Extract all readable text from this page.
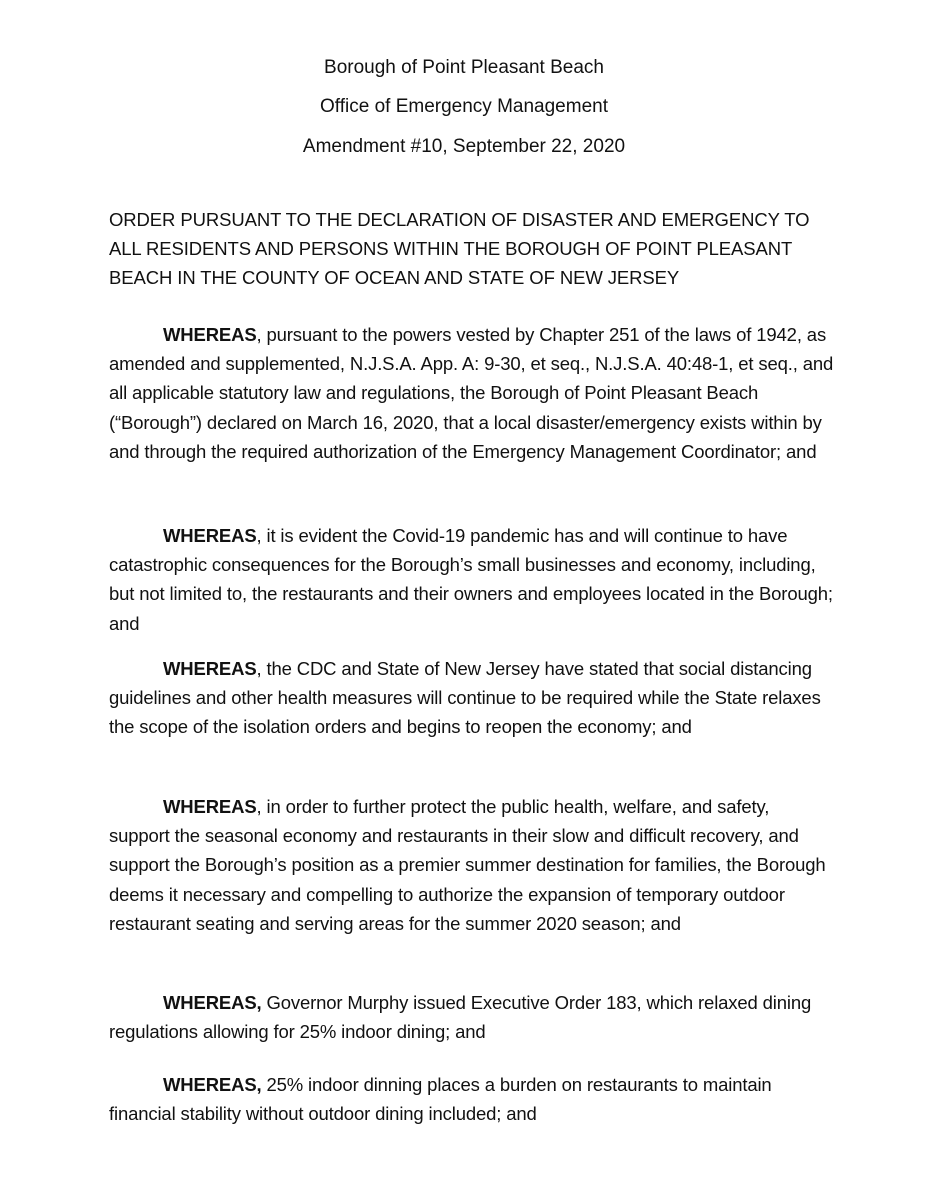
Borough of Point Pleasant Beach
Office of Emergency Management
Amendment #10, September 22, 2020
ORDER PURSUANT TO THE DECLARATION OF DISASTER AND EMERGENCY TO ALL RESIDENTS AND PERSONS WITHIN THE BOROUGH OF POINT PLEASANT BEACH IN THE COUNTY OF OCEAN AND STATE OF NEW JERSEY
WHEREAS, pursuant to the powers vested by Chapter 251 of the laws of 1942, as amended and supplemented, N.J.S.A. App. A: 9-30, et seq., N.J.S.A. 40:48-1, et seq., and all applicable statutory law and regulations, the Borough of Point Pleasant Beach (“Borough”) declared on March 16, 2020, that a local disaster/emergency exists within by and through the required authorization of the Emergency Management Coordinator; and
WHEREAS, it is evident the Covid-19 pandemic has and will continue to have catastrophic consequences for the Borough’s small businesses and economy, including, but not limited to, the restaurants and their owners and employees located in the Borough; and
WHEREAS, the CDC and State of New Jersey have stated that social distancing guidelines and other health measures will continue to be required while the State relaxes the scope of the isolation orders and begins to reopen the economy; and
WHEREAS, in order to further protect the public health, welfare, and safety, support the seasonal economy and restaurants in their slow and difficult recovery, and support the Borough’s position as a premier summer destination for families, the Borough deems it necessary and compelling to authorize the expansion of temporary outdoor restaurant seating and serving areas for the summer 2020 season; and
WHEREAS, Governor Murphy issued Executive Order 183, which relaxed dining regulations allowing for 25% indoor dining; and
WHEREAS, 25% indoor dinning places a burden on restaurants to maintain financial stability without outdoor dining included; and
